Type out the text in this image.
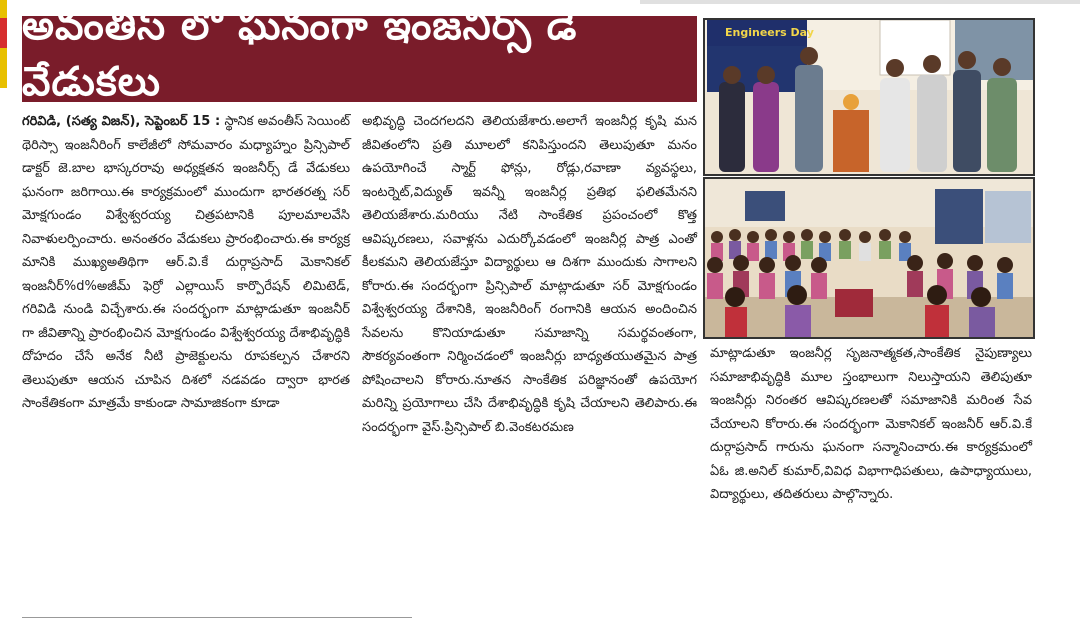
అవంతీస్ లో ఘనంగా ఇంజనీర్స్ డే వేడుకలు
గరివిడి, (సత్య విజన్), సెప్టెంబర్ 15 : స్థానిక అవంతీస్ సెయింట్ థెరిస్సా ఇంజనీరింగ్ కాలేజీలో సోమవారం మధ్యాహ్నం ప్రిన్సిపాల్ డాక్టర్ జె.బాల భాస్కరరావు అధ్యక్షతన ఇంజనీర్స్ డే వేడుకలు ఘనంగా జరిగాయి.ఈ కార్యక్రమంలో ముందుగా భారతరత్న సర్ మోక్షగుండం విశ్వేశ్వరయ్య చిత్రపటానికి పూలమాలవేసి నివాళులర్పించారు. అనంతరం వేడుకలు ప్రారంభించారు.ఈ కార్యక్ర మానికి ముఖ్యఅతిథిగా ఆర్.వి.కే దుర్గాప్రసాద్ మెకానికల్ ఇంజనీర్%d%అజీమ్ ఫెర్రో ఎల్లాయిస్ కార్పొరేషన్ లిమిటెడ్, గరివిడి నుండి విచ్చేశారు.ఈ సందర్భంగా మాట్లాడుతూ ఇంజనీర్ గా జీవితాన్ని ప్రారంభించిన మోక్షగుండం విశ్వేశ్వరయ్య దేశాభివృద్ధికి దోహదం చేసే అనేక నీటి ప్రాజెక్టులను రూపకల్పన చేశారని తెలుపుతూ ఆయన చూపిన దిశలో నడవడం ద్వారా భారత సాంకేతికంగా మాత్రమే కాకుండా సామాజికంగా కూడా
అభివృద్ధి చెందగలదని తెలియజేశారు.అలాగే ఇంజనీర్ల కృషి మన జీవితంలోని ప్రతి మూలలో కనిపిస్తుందని తెలుపుతూ మనం ఉపయోగించే స్మార్ట్ ఫోన్లు, రోడ్లు,రవాణా వ్యవస్థలు, ఇంటర్నెట్,విద్యుత్ ఇవన్నీ ఇంజనీర్ల ప్రతిభ ఫలితమేనని తెలియజేశారు.మరియు నేటి సాంకేతిక ప్రపంచంలో కొత్త ఆవిష్కరణలు, సవాళ్లను ఎదుర్కోవడంలో ఇంజనీర్ల పాత్ర ఎంతో కీలకమని తెలియజేస్తూ విద్యార్థులు ఆ దిశగా ముందుకు సాగాలని కోరారు.ఈ సందర్భంగా ప్రిన్సిపాల్ మాట్లాడుతూ సర్ మోక్షగుండం విశ్వేశ్వరయ్య దేశానికి, ఇంజనీరింగ్ రంగానికి ఆయన అందించిన సేవలను కొనియాడుతూ సమాజాన్ని సమర్థవంతంగా, సౌకర్యవంతంగా నిర్మించడంలో ఇంజనీర్లు బాధ్యతయుతమైన పాత్ర పోషించాలని కోరారు.నూతన సాంకేతిక పరిజ్ఞానంతో ఉపయోగ మరిన్ని ప్రయోగాలు చేసి దేశాభివృద్ధికి కృషి చేయాలని తెలిపారు.ఈ సందర్భంగా వైస్.ప్రిన్సిపాల్ బి.వెంకటరమణ
Engineers Day
మాట్లాడుతూ ఇంజనీర్ల సృజనాత్మకత,సాంకేతిక నైపుణ్యాలు సమాజాభివృద్ధికి మూల స్తంభాలుగా నిలుస్తాయని తెలిపుతూ ఇంజనీర్లు నిరంతర ఆవిష్కరణలతో సమాజానికి మరింత సేవ చేయాలని కోరారు.ఈ సందర్భంగా మెకానికల్ ఇంజనీర్ ఆర్.వి.కే దుర్గాప్రసాద్ గారును ఘనంగా సన్మానించారు.ఈ కార్యక్రమంలో ఏఓ జి.అనిల్ కుమార్,వివిధ విభాగాధిపతులు, ఉపాధ్యాయులు, విద్యార్థులు, తదితరులు పాల్గొన్నారు.
